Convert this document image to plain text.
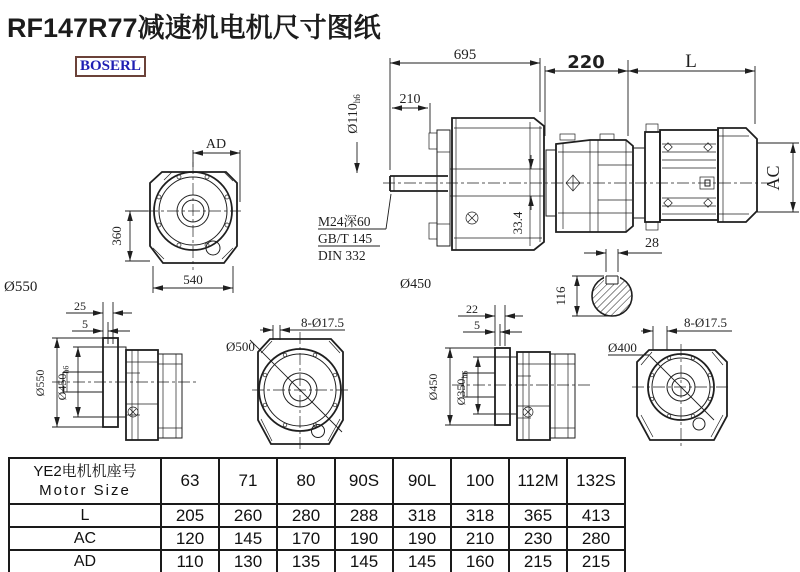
RF147R77减速机电机尺寸图纸
BOSERL
AD
360
540
Ø550
695	220	L
210
$Ø110_{h6}$
33.4
M24深60
GB/T 145
DIN 332
Ø450
AC
28
116
25
5
Ø550 $Ø450_{h6}$
Ø500
8-Ø17.5
22
5
Ø450 $Ø350_{h6}$
Ø400
8-Ø17.5
YE2电机机座号
Motor Size	63	71	80	90S	90L	100	112M	132S
L	205	260	280	288	318	318	365	413
AC	120	145	170	190	190	210	230	280
AD	110	130	135	145	145	160	215	215
